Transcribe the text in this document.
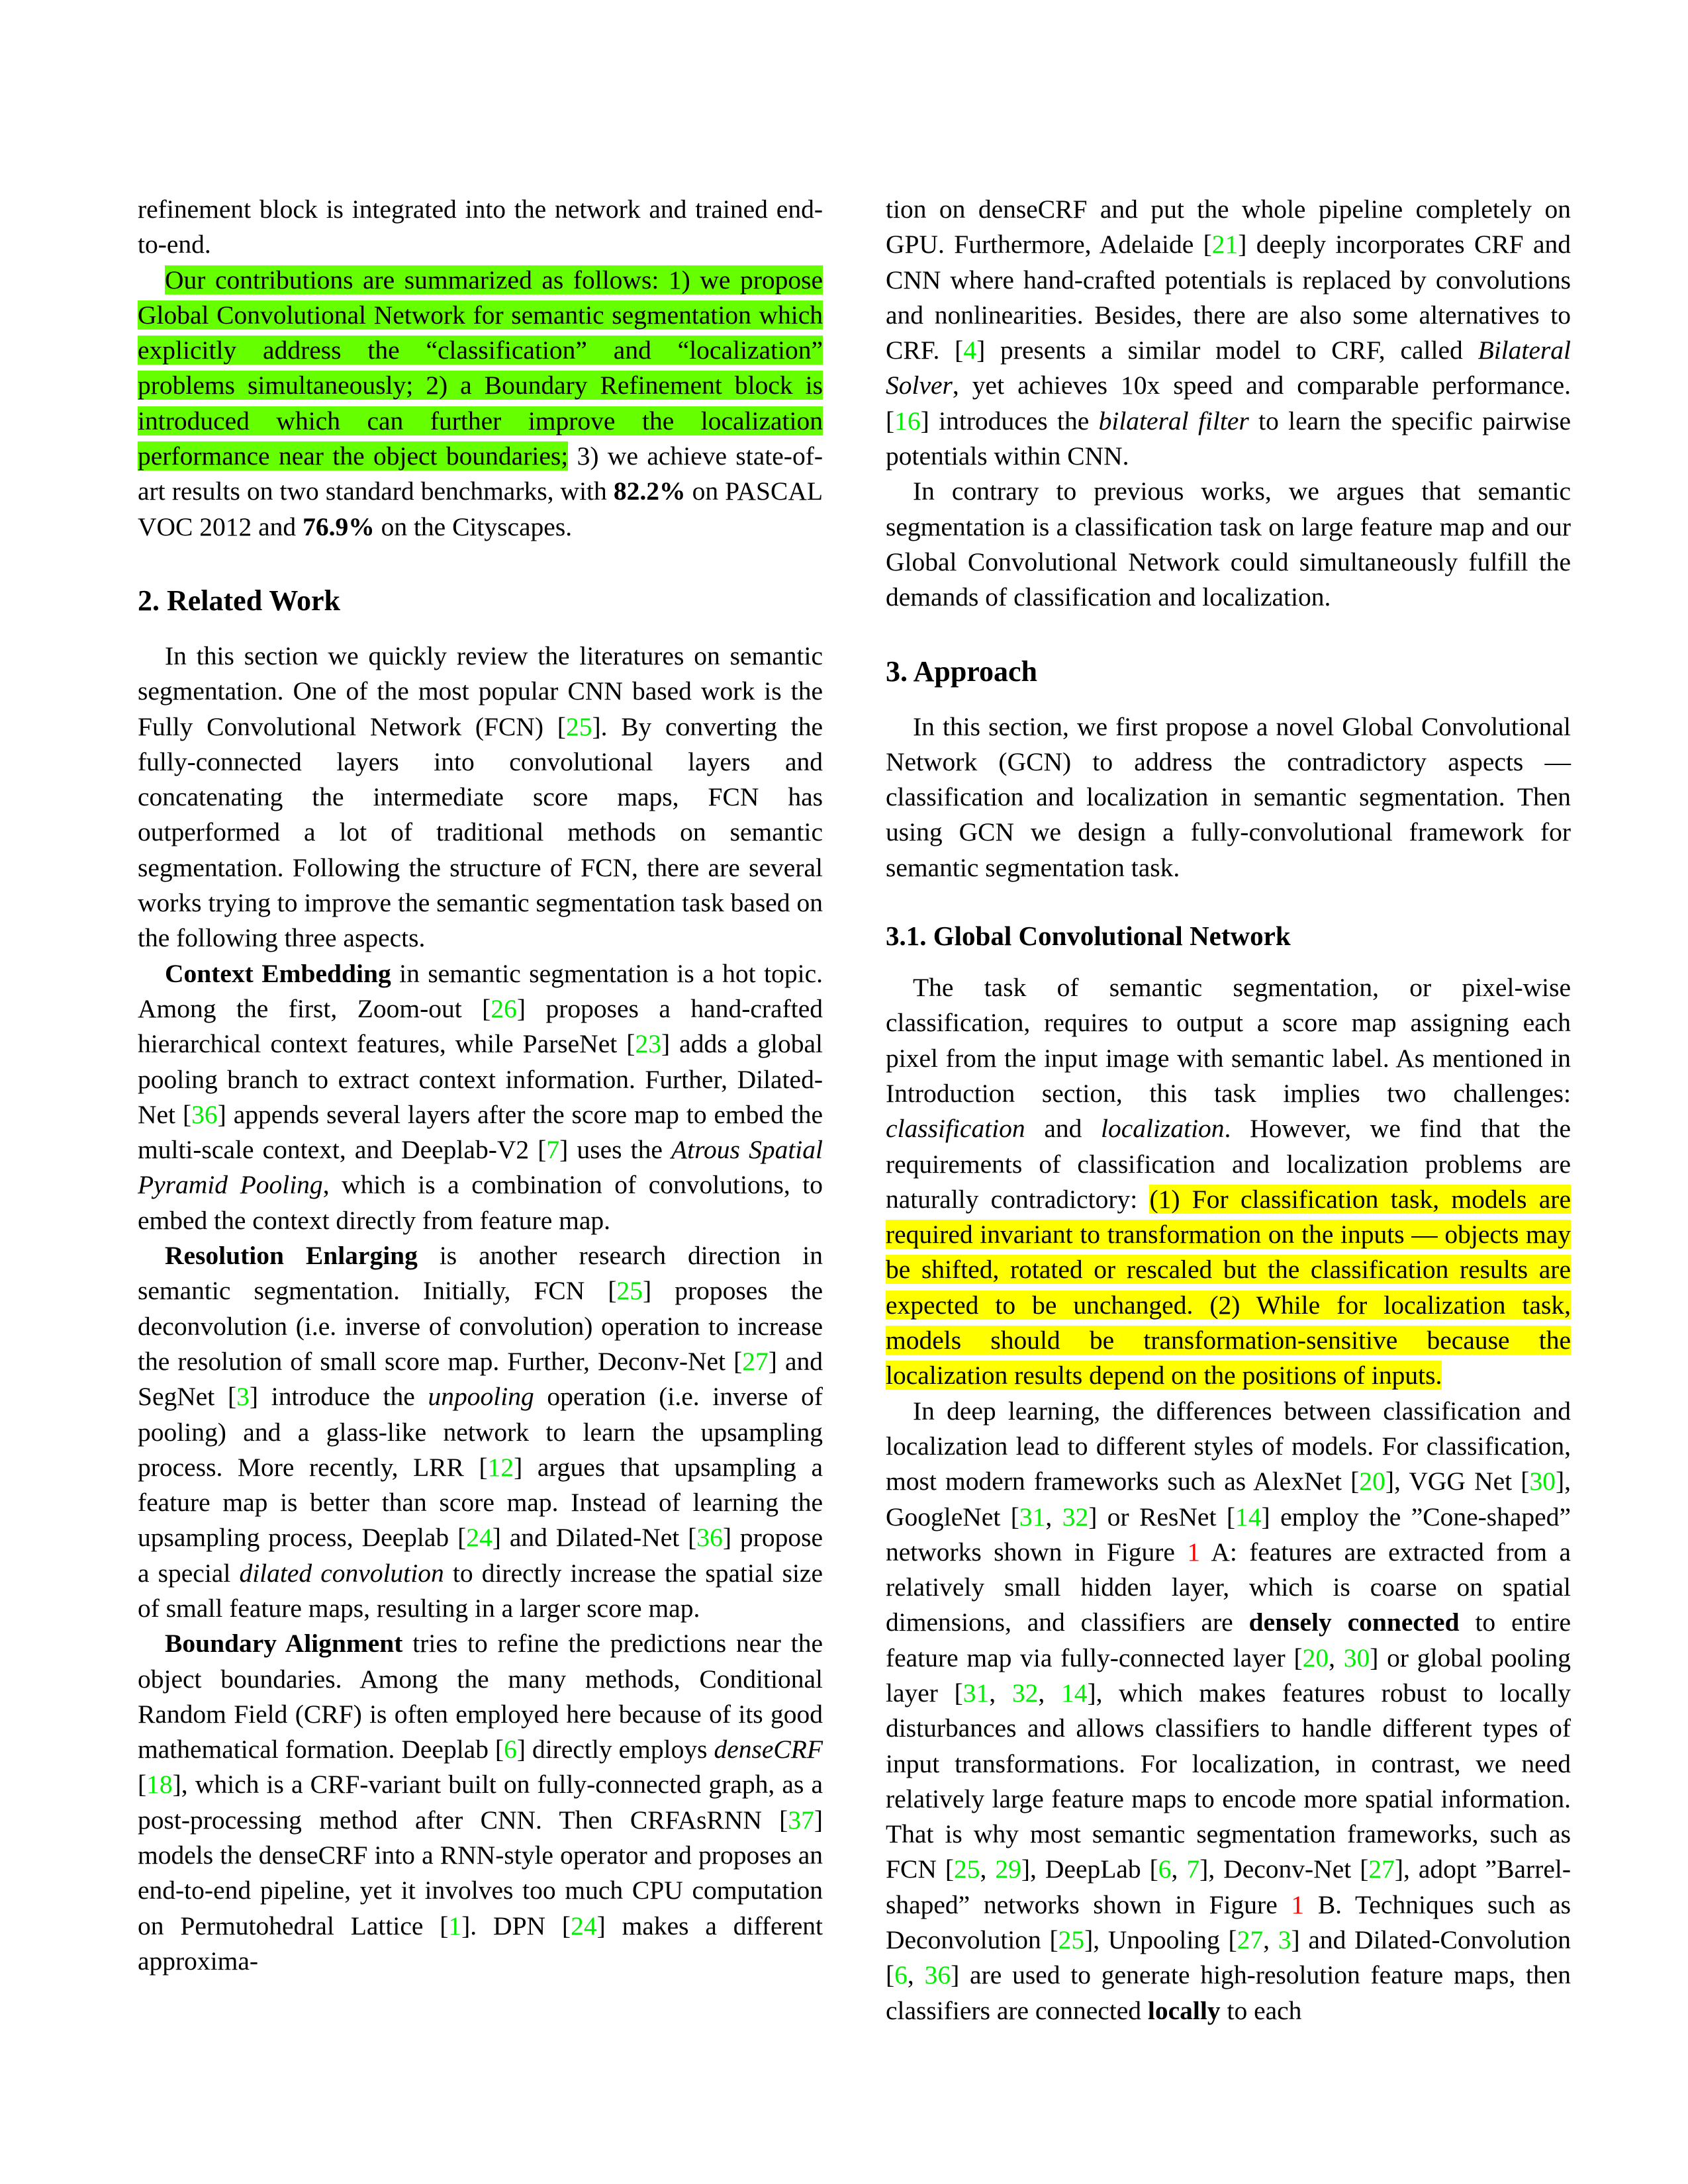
refinement block is integrated into the network and trained end-to-end.

Our contributions are summarized as follows: 1) we propose Global Convolutional Network for semantic segmentation which explicitly address the “classification” and “localization” problems simultaneously; 2) a Boundary Refinement block is introduced which can further improve the localization performance near the object boundaries; 3) we achieve state-of-art results on two standard benchmarks, with 82.2% on PASCAL VOC 2012 and 76.9% on the Cityscapes.

2. Related Work

In this section we quickly review the literatures on semantic segmentation. One of the most popular CNN based work is the Fully Convolutional Network (FCN) [25]. By converting the fully-connected layers into convolutional layers and concatenating the intermediate score maps, FCN has outperformed a lot of traditional methods on semantic segmentation. Following the structure of FCN, there are several works trying to improve the semantic segmentation task based on the following three aspects.

Context Embedding in semantic segmentation is a hot topic. Among the first, Zoom-out [26] proposes a hand-crafted hierarchical context features, while ParseNet [23] adds a global pooling branch to extract context information. Further, Dilated-Net [36] appends several layers after the score map to embed the multi-scale context, and Deeplab-V2 [7] uses the Atrous Spatial Pyramid Pooling, which is a combination of convolutions, to embed the context directly from feature map.

Resolution Enlarging is another research direction in semantic segmentation. Initially, FCN [25] proposes the deconvolution (i.e. inverse of convolution) operation to increase the resolution of small score map. Further, Deconv-Net [27] and SegNet [3] introduce the unpooling operation (i.e. inverse of pooling) and a glass-like network to learn the upsampling process. More recently, LRR [12] argues that upsampling a feature map is better than score map. Instead of learning the upsampling process, Deeplab [24] and Dilated-Net [36] propose a special dilated convolution to directly increase the spatial size of small feature maps, resulting in a larger score map.

Boundary Alignment tries to refine the predictions near the object boundaries. Among the many methods, Conditional Random Field (CRF) is often employed here because of its good mathematical formation. Deeplab [6] directly employs denseCRF [18], which is a CRF-variant built on fully-connected graph, as a post-processing method after CNN. Then CRFAsRNN [37] models the denseCRF into a RNN-style operator and proposes an end-to-end pipeline, yet it involves too much CPU computation on Permutohedral Lattice [1]. DPN [24] makes a different approxima-

tion on denseCRF and put the whole pipeline completely on GPU. Furthermore, Adelaide [21] deeply incorporates CRF and CNN where hand-crafted potentials is replaced by convolutions and nonlinearities. Besides, there are also some alternatives to CRF. [4] presents a similar model to CRF, called Bilateral Solver, yet achieves 10x speed and comparable performance. [16] introduces the bilateral filter to learn the specific pairwise potentials within CNN.

In contrary to previous works, we argues that semantic segmentation is a classification task on large feature map and our Global Convolutional Network could simultaneously fulfill the demands of classification and localization.

3. Approach

In this section, we first propose a novel Global Convolutional Network (GCN) to address the contradictory aspects — classification and localization in semantic segmentation. Then using GCN we design a fully-convolutional framework for semantic segmentation task.

3.1. Global Convolutional Network

The task of semantic segmentation, or pixel-wise classification, requires to output a score map assigning each pixel from the input image with semantic label. As mentioned in Introduction section, this task implies two challenges: classification and localization. However, we find that the requirements of classification and localization problems are naturally contradictory: (1) For classification task, models are required invariant to transformation on the inputs — objects may be shifted, rotated or rescaled but the classification results are expected to be unchanged. (2) While for localization task, models should be transformation-sensitive because the localization results depend on the positions of inputs.

In deep learning, the differences between classification and localization lead to different styles of models. For classification, most modern frameworks such as AlexNet [20], VGG Net [30], GoogleNet [31, 32] or ResNet [14] employ the ”Cone-shaped” networks shown in Figure 1 A: features are extracted from a relatively small hidden layer, which is coarse on spatial dimensions, and classifiers are densely connected to entire feature map via fully-connected layer [20, 30] or global pooling layer [31, 32, 14], which makes features robust to locally disturbances and allows classifiers to handle different types of input transformations. For localization, in contrast, we need relatively large feature maps to encode more spatial information. That is why most semantic segmentation frameworks, such as FCN [25, 29], DeepLab [6, 7], Deconv-Net [27], adopt ”Barrel-shaped” networks shown in Figure 1 B. Techniques such as Deconvolution [25], Unpooling [27, 3] and Dilated-Convolution [6, 36] are used to generate high-resolution feature maps, then classifiers are connected locally to each
